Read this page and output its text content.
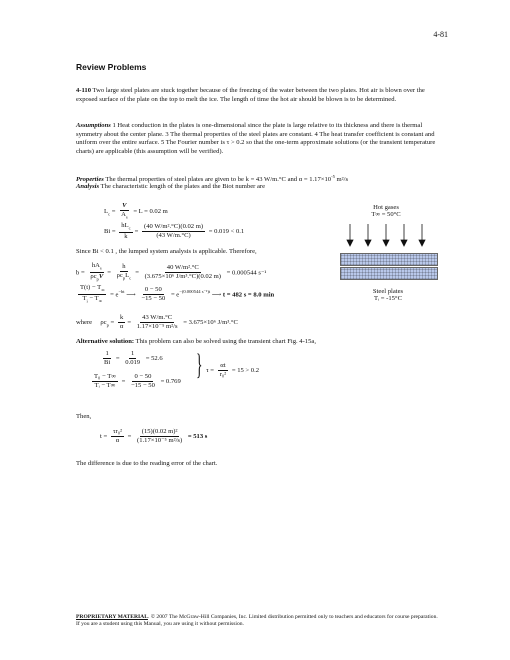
4-81
Review Problems
4-110 Two large steel plates are stuck together because of the freezing of the water between the two plates. Hot air is blown over the exposed surface of the plate on the top to melt the ice. The length of time the hot air should be blown is to be determined.
Assumptions 1 Heat conduction in the plates is one-dimensional since the plate is large relative to its thickness and there is thermal symmetry about the center plane. 3 The thermal properties of the steel plates are constant. 4 The heat transfer coefficient is constant and uniform over the entire surface. 5 The Fourier number is τ > 0.2 so that the one-term approximate solutions (or the transient temperature charts) are applicable (this assumption will be verified).
Properties The thermal properties of steel plates are given to be k = 43 W/m.°C and $\alpha = 1.17\times 10^{-5}$ m²/s
Analysis The characteristic length of the plates and the Biot number are
$L_c = \frac{V}{A_s} = L = 0.02$ m
$Bi = \frac{hL_c}{k} = \frac{\text{(40 W/m².°C)(0.02 m)}}{(43 W/m.^\circ C)} = 0.019 < 0.1$
Since Bi < 0.1 , the lumped system analysis is applicable. Therefore,
$b = \frac{hA_s}{\rho c_pV} = \frac{h}{\rho c_pL_c} = \frac{\text{40 W/m².°C}}{\text{(3.675×10⁶ J/m³.°C)(0.02 m)}} = 0.000544$ s⁻¹
$\frac{T(t) - T_\infty}{T_i - T_\infty} = e^{-bt}$ ⟶ $\frac{0 - 50}{-15 - 50} = e^{-(0.000544 s^{-1})t}$ ⟶ t = 482 s = 8.0 min
where $\rho c_p = \frac{k}{\alpha} = \frac{43 W/m.^\circ C}{\text{1.17×10⁻⁵ m²/s}} = 3.675\times 10^6$ J/m³.°C
Alternative solution: This problem can also be solved using the transient chart Fig. 4-15a,
$\frac{1}{Bi} = \frac{1}{0.019} = 52.6$
$\frac{\text{T₀ − T∞}}{\text{Tᵢ − T∞}} = \frac{0 - 50}{-15 - 50} = 0.769$
} $\tau = \frac{\alpha t}{\text{r₀²}} = 15 > 0.2$
Then,
$t = \frac{\text{τr₀²}}{\alpha} = \frac{\text{(15)(0.02 m)²}}{\text{(1.17×10⁻⁵ m²/s)}} = 513$ s
The difference is due to the reading error of the chart.
Hot gases
T∞ = 50°C
Steel plates
Tᵢ = -15°C
PROPRIETARY MATERIAL. © 2007 The McGraw-Hill Companies, Inc. Limited distribution permitted only to teachers and educators for course preparation. If you are a student using this Manual, you are using it without permission.
